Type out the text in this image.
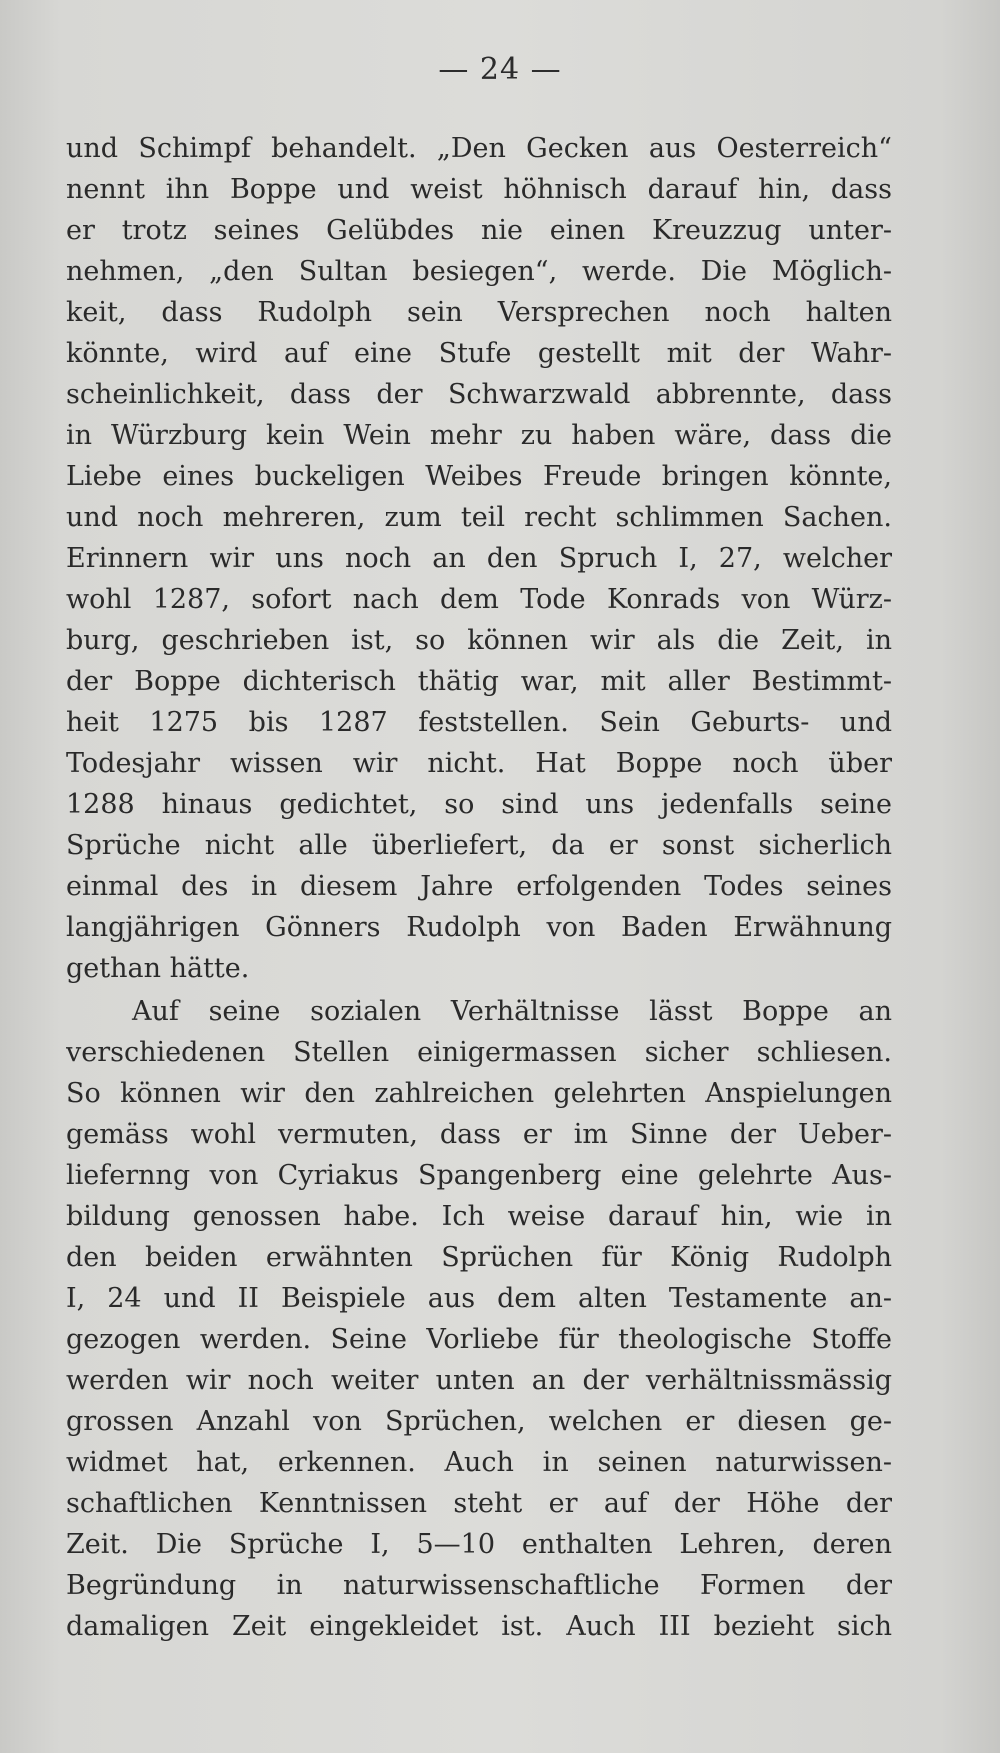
— 24 —
und Schimpf behandelt. „Den Gecken aus Oesterreich“
nennt ihn Boppe und weist höhnisch darauf hin, dass
er trotz seines Gelübdes nie einen Kreuzzug unter-
nehmen, „den Sultan besiegen“, werde. Die Möglich-
keit, dass Rudolph sein Versprechen noch halten
könnte, wird auf eine Stufe gestellt mit der Wahr-
scheinlichkeit, dass der Schwarzwald abbrennte, dass
in Würzburg kein Wein mehr zu haben wäre, dass die
Liebe eines buckeligen Weibes Freude bringen könnte,
und noch mehreren, zum teil recht schlimmen Sachen.
Erinnern wir uns noch an den Spruch I, 27, welcher
wohl 1287, sofort nach dem Tode Konrads von Würz-
burg, geschrieben ist, so können wir als die Zeit, in
der Boppe dichterisch thätig war, mit aller Bestimmt-
heit 1275 bis 1287 feststellen. Sein Geburts- und
Todesjahr wissen wir nicht. Hat Boppe noch über
1288 hinaus gedichtet, so sind uns jedenfalls seine
Sprüche nicht alle überliefert, da er sonst sicherlich
einmal des in diesem Jahre erfolgenden Todes seines
langjährigen Gönners Rudolph von Baden Erwähnung
gethan hätte.
Auf seine sozialen Verhältnisse lässt Boppe an
verschiedenen Stellen einigermassen sicher schliesen.
So können wir den zahlreichen gelehrten Anspielungen
gemäss wohl vermuten, dass er im Sinne der Ueber-
liefernng von Cyriakus Spangenberg eine gelehrte Aus-
bildung genossen habe. Ich weise darauf hin, wie in
den beiden erwähnten Sprüchen für König Rudolph
I, 24 und II Beispiele aus dem alten Testamente an-
gezogen werden. Seine Vorliebe für theologische Stoffe
werden wir noch weiter unten an der verhältnissmässig
grossen Anzahl von Sprüchen, welchen er diesen ge-
widmet hat, erkennen. Auch in seinen naturwissen-
schaftlichen Kenntnissen steht er auf der Höhe der
Zeit. Die Sprüche I, 5—10 enthalten Lehren, deren
Begründung in naturwissenschaftliche Formen der
damaligen Zeit eingekleidet ist. Auch III bezieht sich
